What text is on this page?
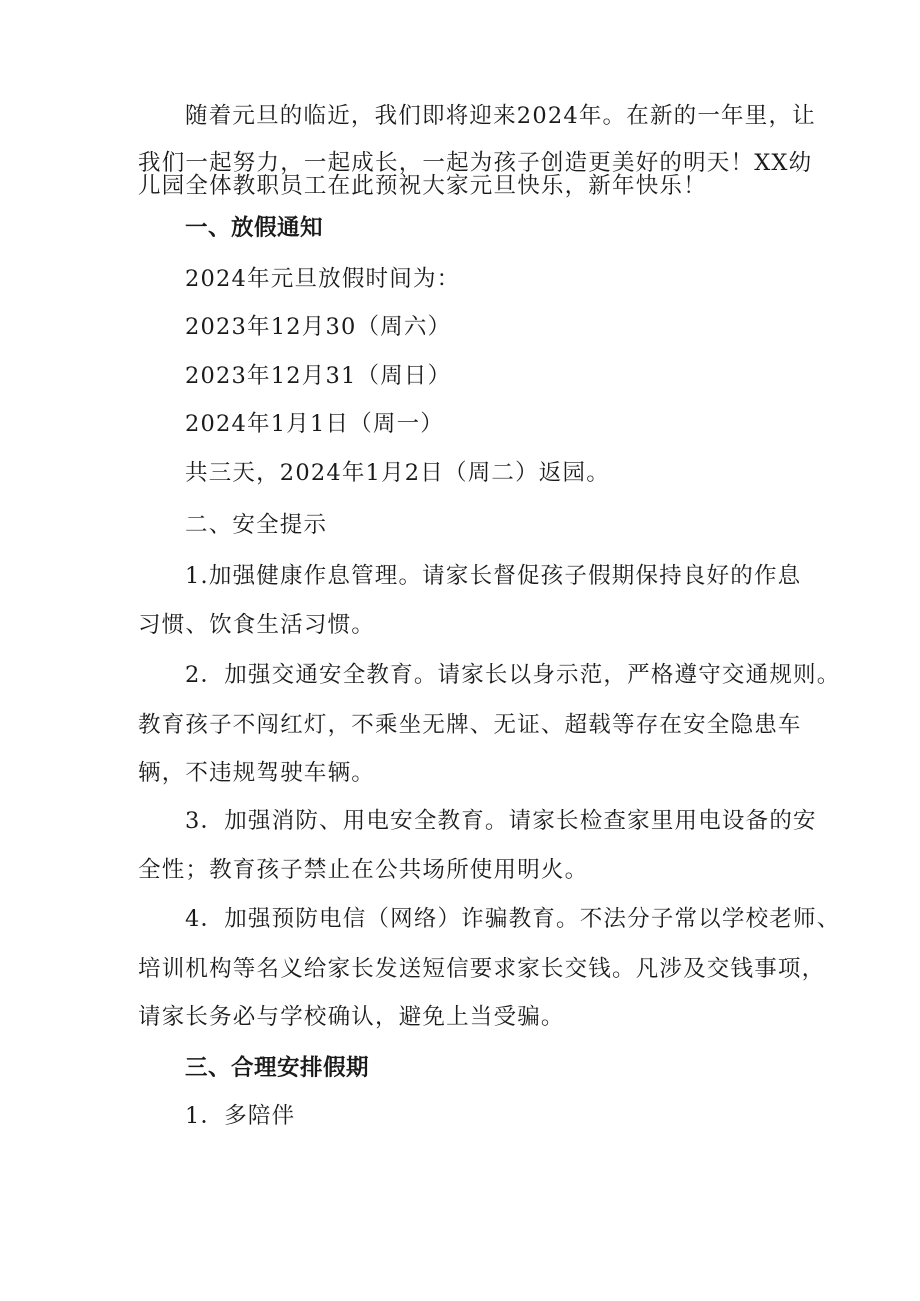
随着元旦的临近，我们即将迎来2024年。在新的一年里，让
我们一起努力，一起成长，一起为孩子创造更美好的明天！XX幼
儿园全体教职员工在此预祝大家元旦快乐，新年快乐！
一、放假通知
2024年元旦放假时间为：
2023年12月30（周六）
2023年12月31（周日）
2024年1月1日（周一）
共三天，2024年1月2日（周二）返园。
二、安全提示
1.加强健康作息管理。请家长督促孩子假期保持良好的作息
习惯、饮食生活习惯。
2．加强交通安全教育。请家长以身示范，严格遵守交通规则。
教育孩子不闯红灯，不乘坐无牌、无证、超载等存在安全隐患车
辆，不违规驾驶车辆。
3．加强消防、用电安全教育。请家长检查家里用电设备的安
全性；教育孩子禁止在公共场所使用明火。
4．加强预防电信（网络）诈骗教育。不法分子常以学校老师、
培训机构等名义给家长发送短信要求家长交钱。凡涉及交钱事项，
请家长务必与学校确认，避免上当受骗。
三、合理安排假期
1．多陪伴
